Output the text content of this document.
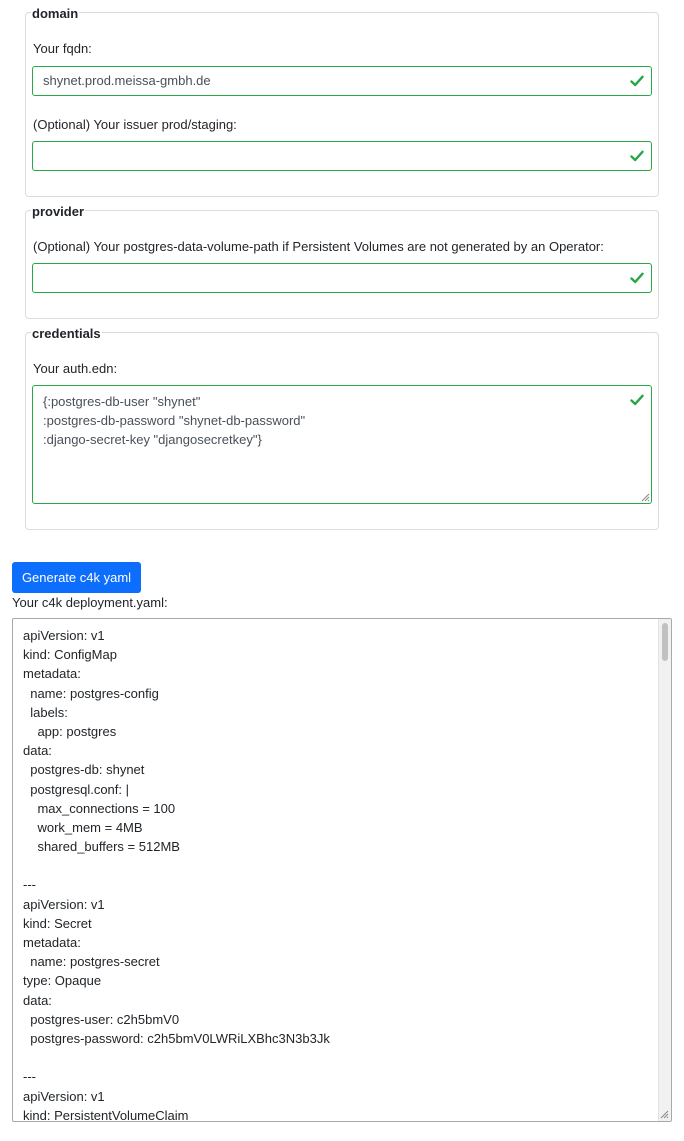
domain
Your fqdn:
shynet.prod.meissa-gmbh.de
(Optional) Your issuer prod/staging:
provider
(Optional) Your postgres-data-volume-path if Persistent Volumes are not generated by an Operator:
credentials
Your auth.edn:
{:postgres-db-user "shynet"
:postgres-db-password "shynet-db-password"
:django-secret-key "djangosecretkey"}
Generate c4k yaml
Your c4k deployment.yaml:
apiVersion: v1
kind: ConfigMap
metadata:
name: postgres-config
labels:
app: postgres
data:
postgres-db: shynet
postgresql.conf: |
max_connections = 100
work_mem = 4MB
shared_buffers = 512MB
---
apiVersion: v1
kind: Secret
metadata:
name: postgres-secret
type: Opaque
data:
postgres-user: c2h5bmV0
postgres-password: c2h5bmV0LWRiLXBhc3N3b3Jk
---
apiVersion: v1
kind: PersistentVolumeClaim
